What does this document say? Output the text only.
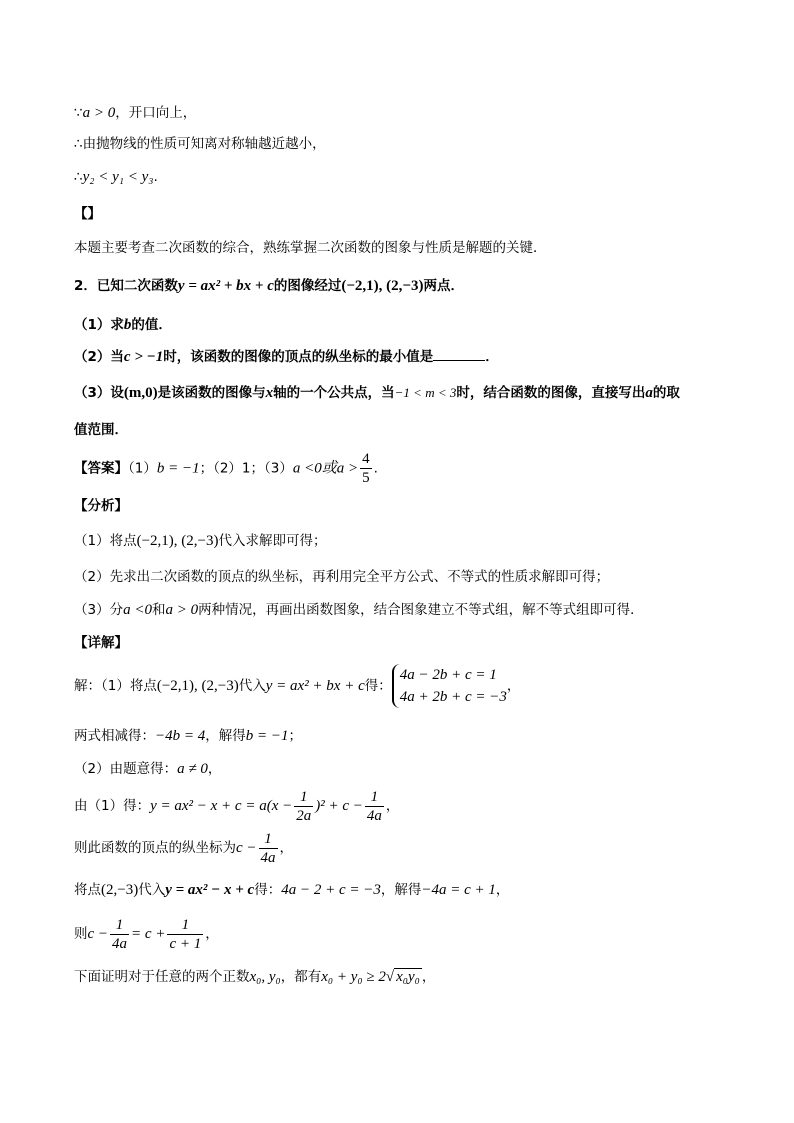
∵a > 0，开口向上，
∴由抛物线的性质可知离对称轴越近越小，
∴y₂ < y₁ < y₃.
【】
本题主要考查二次函数的综合，熟练掌握二次函数的图象与性质是解题的关键．
2．已知二次函数y = ax² + bx + c的图像经过(−2,1), (2,−3)两点．
（1）求b的值．
（2）当c > −1时，该函数的图像的顶点的纵坐标的最小值是	．
（3）设(m,0)是该函数的图像与x轴的一个公共点，当−1 < m < 3时，结合函数的图像，直接写出a的取
值范围．
【答案】（1）b = −1；（2）1；（3）a <0或$a > \frac{4}{5}$ .
【分析】
（1）将点(−2,1), (2,−3)代入求解即可得；
（2）先求出二次函数的顶点的纵坐标，再利用完全平方公式、不等式的性质求解即可得；
（3）分a <0和a > 0两种情况，再画出函数图象，结合图象建立不等式组，解不等式组即可得．
【详解】
解：（1）将点(−2,1), (2,−3)代入y = ax² + bx + c得：
4a − 2b + c = 1
4a + 2b + c = −3
，
两式相减得：−4b = 4，解得b = −1；
（2）由题意得：a ≠ 0，
由（1）得：$y = ax^2 - x + c = a(x - \frac{1}{2a} )^2 + c - \frac{1}{4a}$ ，
则此函数的顶点的纵坐标为$c - \frac{1}{4a}$ ，
将点(2,−3)代入y = ax² − x + c得：4a − 2 + c = −3，解得−4a = c + 1，
则$c - \frac{1}{4a} = c + \frac{1}{c + 1}$ ，
下面证明对于任意的两个正数x₀, y₀，都有x₀ + y₀ ≥ 2√ x₀y₀ ，
